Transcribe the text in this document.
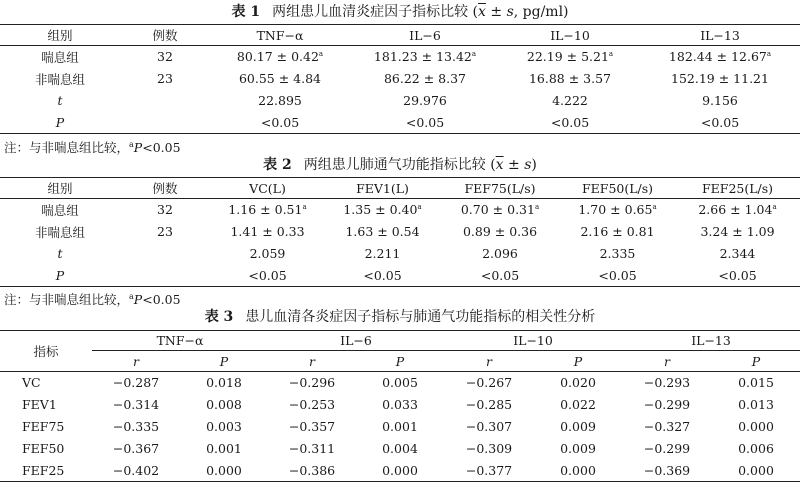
表 1 两组患儿血清炎症因子指标比较 ($\overline{x} \pm s$, pg/ml)
组别	例数	TNF−α	IL−6	IL−10	IL−13
喘息组	32	80.17 ± 0.42$^a$	181.23 ± 13.42$^a$	22.19 ± 5.21$^a$	182.44 ± 12.67$^a$
非喘息组	23	60.55 ± 4.84	86.22 ± 8.37	16.88 ± 3.57	152.19 ± 11.21
t		22.895	29.976	4.222	9.156
P		<0.05	<0.05	<0.05	<0.05
注：与非喘息组比较，$^a$P<0.05
表 2 两组患儿肺通气功能指标比较 $(\overline{x} \pm s)$
组别	例数	VC(L)	FEV1(L)	FEF75(L/s)	FEF50(L/s)	FEF25(L/s)
喘息组	32	1.16 ± 0.51$^a$	1.35 ± 0.40$^a$	0.70 ± 0.31$^a$	1.70 ± 0.65$^a$	2.66 ± 1.04$^a$
非喘息组	23	1.41 ± 0.33	1.63 ± 0.54	0.89 ± 0.36	2.16 ± 0.81	3.24 ± 1.09
t		2.059	2.211	2.096	2.335	2.344
P		<0.05	<0.05	<0.05	<0.05	<0.05
注：与非喘息组比较，$^a$P<0.05
表 3 患儿血清各炎症因子指标与肺通气功能指标的相关性分析
指标	TNF−α		IL−6		IL−10		IL−13	
	r	P	r	P	r	P	r	P
VC	−0.287	0.018	−0.296	0.005	−0.267	0.020	−0.293	0.015
FEV1	−0.314	0.008	−0.253	0.033	−0.285	0.022	−0.299	0.013
FEF75	−0.335	0.003	−0.357	0.001	−0.307	0.009	−0.327	0.000
FEF50	−0.367	0.001	−0.311	0.004	−0.309	0.009	−0.299	0.006
FEF25	−0.402	0.000	−0.386	0.000	−0.377	0.000	−0.369	0.000
